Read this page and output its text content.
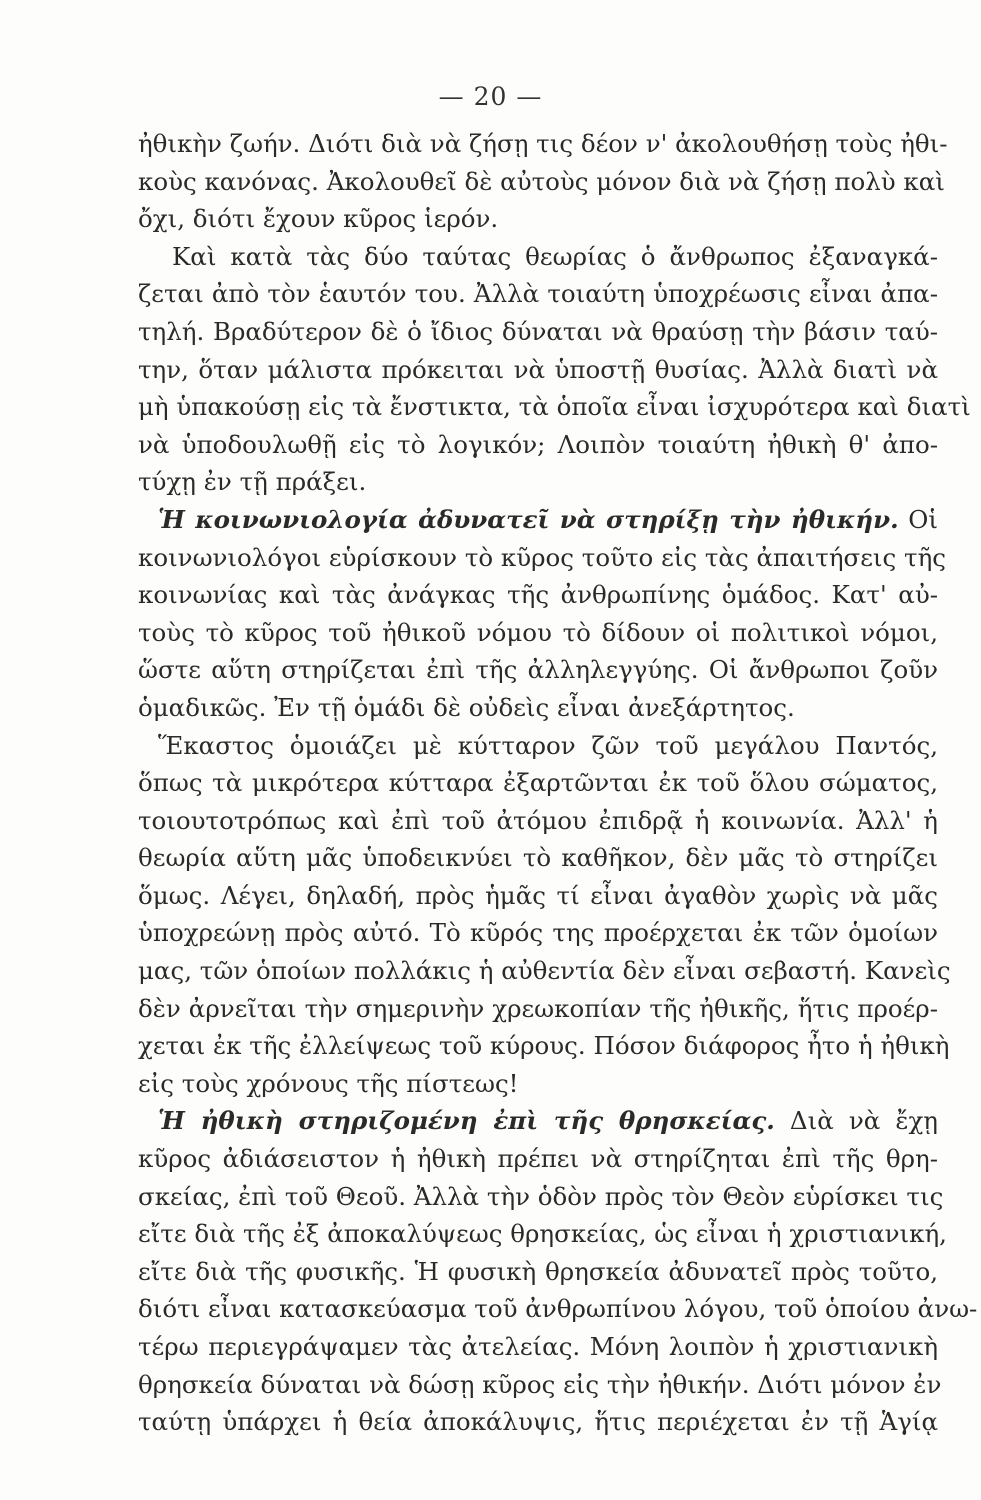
— 20 —
ἠθικὴν ζωήν. Διότι διὰ νὰ ζήσῃ τις δέον ν' ἀκολουθήσῃ τοὺς ἠθι-
κοὺς κανόνας. Ἀκολουθεῖ δὲ αὐτοὺς μόνον διὰ νὰ ζήσῃ πολὺ καὶ
ὄχι, διότι ἔχουν κῦρος ἱερόν.
Καὶ κατὰ τὰς δύο ταύτας θεωρίας ὁ ἄνθρωπος ἐξαναγκά-
ζεται ἀπὸ τὸν ἑαυτόν του. Ἀλλὰ τοιαύτη ὑποχρέωσις εἶναι ἀπα-
τηλή. Βραδύτερον δὲ ὁ ἴδιος δύναται νὰ θραύσῃ τὴν βάσιν ταύ-
την, ὅταν μάλιστα πρόκειται νὰ ὑποστῇ θυσίας. Ἀλλὰ διατὶ νὰ
μὴ ὑπακούσῃ εἰς τὰ ἔνστικτα, τὰ ὁποῖα εἶναι ἰσχυρότερα καὶ διατὶ
νὰ ὑποδουλωθῇ εἰς τὸ λογικόν; Λοιπὸν τοιαύτη ἠθικὴ θ' ἀπο-
τύχῃ ἐν τῇ πράξει.
Ἡ κοινωνιολογία ἀδυνατεῖ νὰ στηρίξῃ τὴν ἠθικήν. Οἱ
κοινωνιολόγοι εὑρίσκουν τὸ κῦρος τοῦτο εἰς τὰς ἀπαιτήσεις τῆς
κοινωνίας καὶ τὰς ἀνάγκας τῆς ἀνθρωπίνης ὁμάδος. Κατ' αὐ-
τοὺς τὸ κῦρος τοῦ ἠθικοῦ νόμου τὸ δίδουν οἱ πολιτικοὶ νόμοι,
ὥστε αὕτη στηρίζεται ἐπὶ τῆς ἀλληλεγγύης. Οἱ ἄνθρωποι ζοῦν
ὁμαδικῶς. Ἐν τῇ ὁμάδι δὲ οὐδεὶς εἶναι ἀνεξάρτητος.
Ἕκαστος ὁμοιάζει μὲ κύτταρον ζῶν τοῦ μεγάλου Παντός,
ὅπως τὰ μικρότερα κύτταρα ἐξαρτῶνται ἐκ τοῦ ὅλου σώματος,
τοιουτοτρόπως καὶ ἐπὶ τοῦ ἀτόμου ἐπιδρᾷ ἡ κοινωνία. Ἀλλ' ἡ
θεωρία αὕτη μᾶς ὑποδεικνύει τὸ καθῆκον, δὲν μᾶς τὸ στηρίζει
ὅμως. Λέγει, δηλαδή, πρὸς ἡμᾶς τί εἶναι ἀγαθὸν χωρὶς νὰ μᾶς
ὑποχρεώνῃ πρὸς αὐτό. Τὸ κῦρός της προέρχεται ἐκ τῶν ὁμοίων
μας, τῶν ὁποίων πολλάκις ἡ αὐθεντία δὲν εἶναι σεβαστή. Κανεὶς
δὲν ἀρνεῖται τὴν σημερινὴν χρεωκοπίαν τῆς ἠθικῆς, ἥτις προέρ-
χεται ἐκ τῆς ἐλλείψεως τοῦ κύρους. Πόσον διάφορος ἦτο ἡ ἠθικὴ
εἰς τοὺς χρόνους τῆς πίστεως!
Ἡ ἠθικὴ στηριζομένη ἐπὶ τῆς θρησκείας. Διὰ νὰ ἔχῃ
κῦρος ἀδιάσειστον ἡ ἠθικὴ πρέπει νὰ στηρίζηται ἐπὶ τῆς θρη-
σκείας, ἐπὶ τοῦ Θεοῦ. Ἀλλὰ τὴν ὁδὸν πρὸς τὸν Θεὸν εὑρίσκει τις
εἴτε διὰ τῆς ἐξ ἀποκαλύψεως θρησκείας, ὡς εἶναι ἡ χριστιανική,
εἴτε διὰ τῆς φυσικῆς. Ἡ φυσικὴ θρησκεία ἀδυνατεῖ πρὸς τοῦτο,
διότι εἶναι κατασκεύασμα τοῦ ἀνθρωπίνου λόγου, τοῦ ὁποίου ἀνω-
τέρω περιεγράψαμεν τὰς ἀτελείας. Μόνη λοιπὸν ἡ χριστιανικὴ
θρησκεία δύναται νὰ δώσῃ κῦρος εἰς τὴν ἠθικήν. Διότι μόνον ἐν
ταύτῃ ὑπάρχει ἡ θεία ἀποκάλυψις, ἥτις περιέχεται ἐν τῇ Ἁγίᾳ
